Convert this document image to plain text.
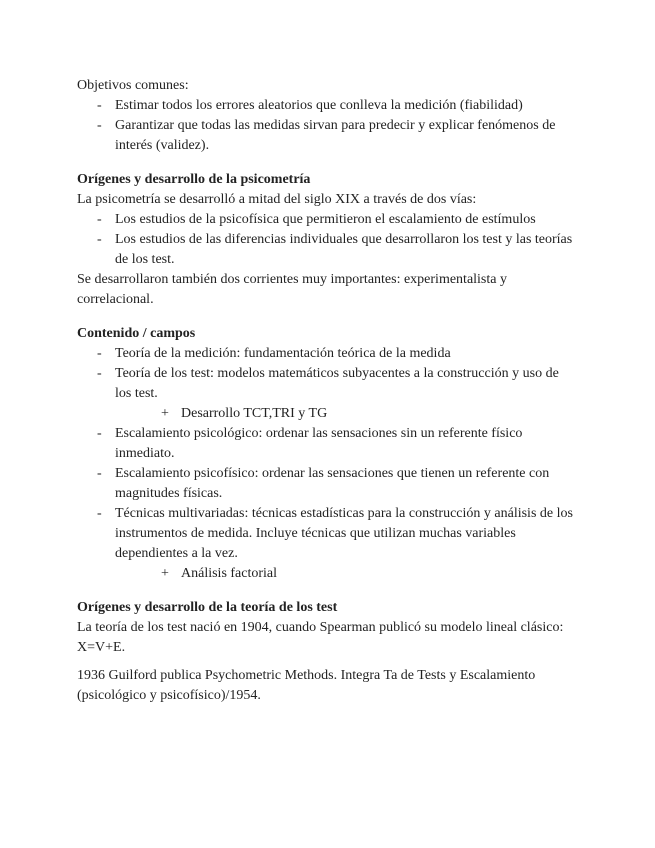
Objetivos comunes:

- Estimar todos los errores aleatorios que conlleva la medición (fiabilidad)
- Garantizar que todas las medidas sirvan para predecir y explicar fenómenos de interés (validez).

Orígenes y desarrollo de la psicometría

La psicometría se desarrolló a mitad del siglo XIX a través de dos vías:

- Los estudios de la psicofísica que permitieron el escalamiento de estímulos
- Los estudios de las diferencias individuales que desarrollaron los test y las teorías de los test.

Se desarrollaron también dos corrientes muy importantes: experimentalista y correlacional.

Contenido / campos

- Teoría de la medición: fundamentación teórica de la medida
- Teoría de los test: modelos matemáticos subyacentes a la construcción y uso de los test.
+ Desarrollo TCT,TRI y TG
- Escalamiento psicológico: ordenar las sensaciones sin un referente físico inmediato.
- Escalamiento psicofísico: ordenar las sensaciones que tienen un referente con magnitudes físicas.
- Técnicas multivariadas: técnicas estadísticas para la construcción y análisis de los instrumentos de medida. Incluye técnicas que utilizan muchas variables dependientes a la vez.
+ Análisis factorial

Orígenes y desarrollo de la teoría de los test

La teoría de los test nació en 1904, cuando Spearman publicó su modelo lineal clásico: X=V+E.

1936 Guilford publica Psychometric Methods. Integra Ta de Tests y Escalamiento (psicológico y psicofísico)/1954.
